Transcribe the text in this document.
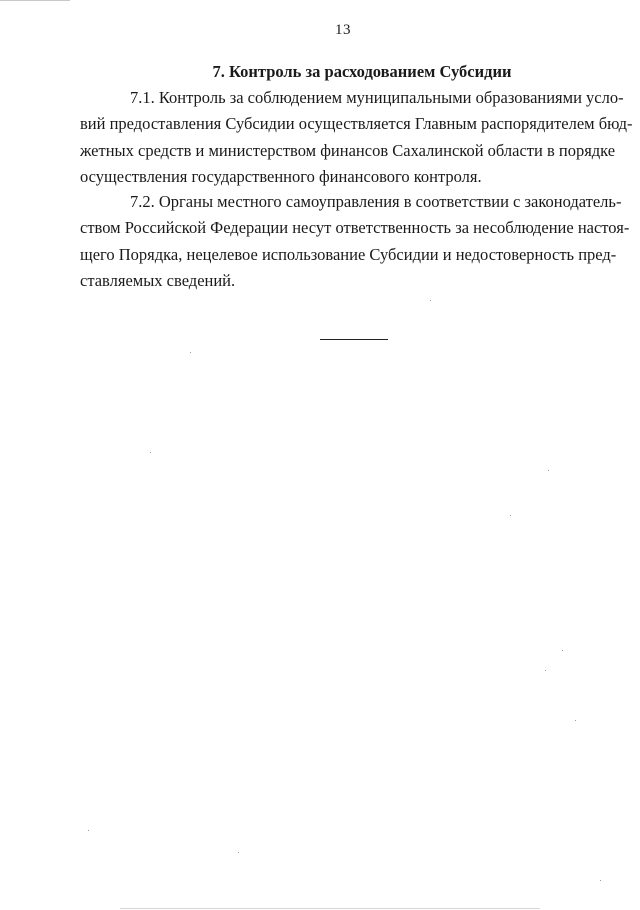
13
7. Контроль за расходованием Субсидии

7.1. Контроль за соблюдением муниципальными образованиями усло-
вий предоставления Субсидии осуществляется Главным распорядителем бюд-
жетных средств и министерством финансов Сахалинской области в порядке
осуществления государственного финансового контроля.

7.2. Органы местного самоуправления в соответствии с законодатель-
ством Российской Федерации несут ответственность за несоблюдение настоя-
щего Порядка, нецелевое использование Субсидии и недостоверность пред-
ставляемых сведений.
